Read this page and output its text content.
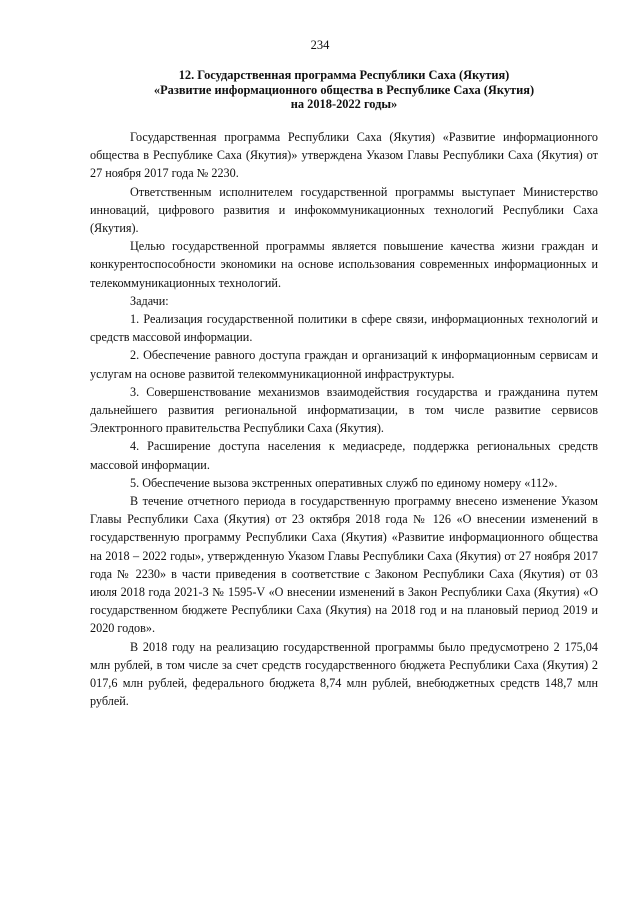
234
12. Государственная программа Республики Саха (Якутия)
«Развитие информационного общества в Республике Саха (Якутия)
на 2018-2022 годы»

Государственная программа Республики Саха (Якутия) «Развитие информационного общества в Республике Саха (Якутия)» утверждена Указом Главы Республики Саха (Якутия) от 27 ноября 2017 года № 2230.

Ответственным исполнителем государственной программы выступает Министерство инноваций, цифрового развития и инфокоммуникационных технологий Республики Саха (Якутия).

Целью государственной программы является повышение качества жизни граждан и конкурентоспособности экономики на основе использования современных информационных и телекоммуникационных технологий.

Задачи:

1. Реализация государственной политики в сфере связи, информационных технологий и средств массовой информации.

2. Обеспечение равного доступа граждан и организаций к информационным сервисам и услугам на основе развитой телекоммуникационной инфраструктуры.

3. Совершенствование механизмов взаимодействия государства и гражданина путем дальнейшего развития региональной информатизации, в том числе развитие сервисов Электронного правительства Республики Саха (Якутия).

4. Расширение доступа населения к медиасреде, поддержка региональных средств массовой информации.

5. Обеспечение вызова экстренных оперативных служб по единому номеру «112».

В течение отчетного периода в государственную программу внесено изменение Указом Главы Республики Саха (Якутия) от 23 октября 2018 года № 126 «О внесении изменений в государственную программу Республики Саха (Якутия) «Развитие информационного общества на 2018 – 2022 годы», утвержденную Указом Главы Республики Саха (Якутия) от 27 ноября 2017 года № 2230» в части приведения в соответствие с Законом Республики Саха (Якутия) от 03 июля 2018 года 2021-З № 1595-V «О внесении изменений в Закон Республики Саха (Якутия) «О государственном бюджете Республики Саха (Якутия) на 2018 год и на плановый период 2019 и 2020 годов».

В 2018 году на реализацию государственной программы было предусмотрено 2 175,04 млн рублей, в том числе за счет средств государственного бюджета Республики Саха (Якутия) 2 017,6 млн рублей, федерального бюджета 8,74 млн рублей, внебюджетных средств 148,7 млн рублей.
